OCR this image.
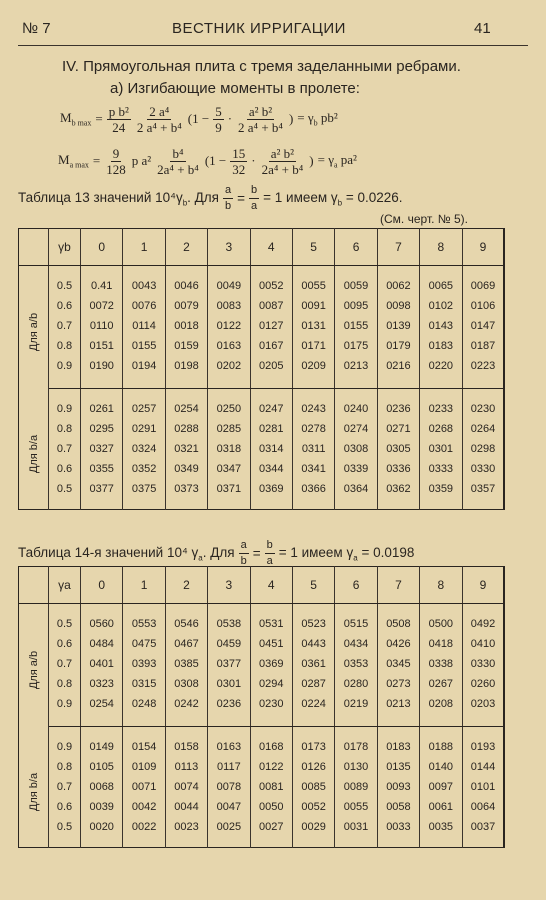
№ 7	ВЕСТНИК ИРРИГАЦИИ	41
IV. Прямоугольная плита с тремя заделанными ребрами.
а) Изгибающие моменты в пролете:
$M_{b max} = \frac{\text{p b²}}{24} \frac{\text{2 a⁴}}{\text{2 a⁴ + b⁴}} (1 - \frac{5}{9} \cdot \frac{\text{a² b²}}{\text{2 a⁴ + b⁴}}$ ) = $\gamma_b$ pb²
$M_{a max} = \frac{9}{128}$ p $a^2 \frac{\text{b⁴}}{\text{2a⁴ + b⁴}} (1 - \frac{15}{32} \cdot \frac{\text{a² b²}}{\text{2a⁴ + b⁴}}$ ) = $\gamma_a$ pa²
Таблица 13 значений $10^4\gamma_b$. Для $\frac{a}{b} = \frac{b}{a} = 1$ имеем $\gamma_b = 0.0226$.
(См. черт. № 5).
	γb	0	1	2	3	4	5	6	7	8	9

Для a/b	0.5	0.41	0043	0046	0049	0052	0055	0059	0062	0065	0069
	0.6	0072	0076	0079	0083	0087	0091	0095	0098	0102	0106
	0.7	0110	0114	0018	0122	0127	0131	0155	0139	0143	0147
	0.8	0151	0155	0159	0163	0167	0171	0175	0179	0183	0187
	0.9	0190	0194	0198	0202	0205	0209	0213	0216	0220	0223

Для b/a	0.9	0261	0257	0254	0250	0247	0243	0240	0236	0233	0230
	0.8	0295	0291	0288	0285	0281	0278	0274	0271	0268	0264
	0.7	0327	0324	0321	0318	0314	0311	0308	0305	0301	0298
	0.6	0355	0352	0349	0347	0344	0341	0339	0336	0333	0330
	0.5	0377	0375	0373	0371	0369	0366	0364	0362	0359	0357

Таблица 14-я значений 10⁴ $\gamma_a$. Для $\frac{a}{b} = \frac{b}{a} = 1$ имеем $\gamma_a = 0.0198$
	γa	0	1	2	3	4	5	6	7	8	9

Для a/b	0.5	0560	0553	0546	0538	0531	0523	0515	0508	0500	0492
	0.6	0484	0475	0467	0459	0451	0443	0434	0426	0418	0410
	0.7	0401	0393	0385	0377	0369	0361	0353	0345	0338	0330
	0.8	0323	0315	0308	0301	0294	0287	0280	0273	0267	0260
	0.9	0254	0248	0242	0236	0230	0224	0219	0213	0208	0203

Для b/a	0.9	0149	0154	0158	0163	0168	0173	0178	0183	0188	0193
	0.8	0105	0109	0113	0117	0122	0126	0130	0135	0140	0144
	0.7	0068	0071	0074	0078	0081	0085	0089	0093	0097	0101
	0.6	0039	0042	0044	0047	0050	0052	0055	0058	0061	0064
	0.5	0020	0022	0023	0025	0027	0029	0031	0033	0035	0037
